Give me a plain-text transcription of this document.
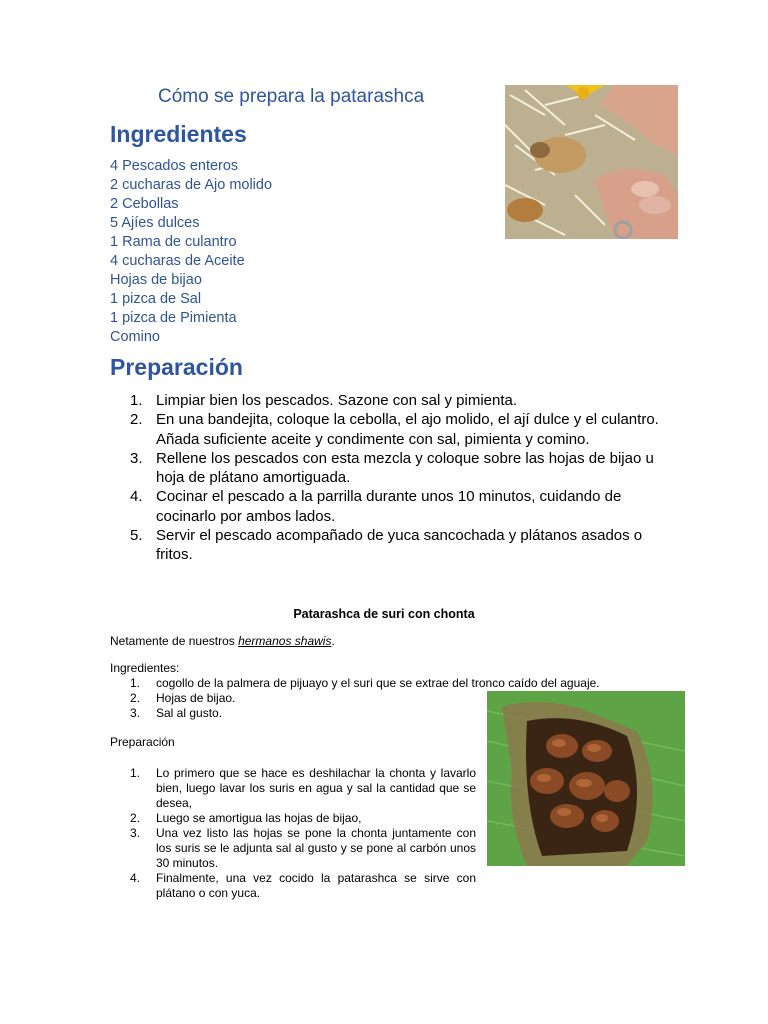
Cómo se prepara la patarashca
Ingredientes
4 Pescados enteros
2 cucharas de Ajo molido
2 Cebollas
5 Ajíes dulces
1 Rama de culantro
4 cucharas de Aceite
Hojas de bijao
1 pizca de Sal
1 pizca de Pimienta
Comino
Preparación
1. Limpiar bien los pescados. Sazone con sal y pimienta.
2. En una bandejita, coloque la cebolla, el ajo molido, el ají dulce y el culantro. Añada suficiente aceite y condimente con sal, pimienta y comino.
3. Rellene los pescados con esta mezcla y coloque sobre las hojas de bijao u hoja de plátano amortiguada.
4. Cocinar el pescado a la parrilla durante unos 10 minutos, cuidando de cocinarlo por ambos lados.
5. Servir el pescado acompañado de yuca sancochada y plátanos asados o fritos.
Patarashca de suri con chonta
Netamente de nuestros hermanos shawis.
Ingredientes:
1. cogollo de la palmera de pijuayo y el suri que se extrae del tronco caído del aguaje.
2. Hojas de bijao.
3. Sal al gusto.
Preparación
1. Lo primero que se hace es deshilachar la chonta y lavarlo bien, luego lavar los suris en agua y sal la cantidad que se desea,
2. Luego se amortigua las hojas de bijao,
3. Una vez listo las hojas se pone la chonta juntamente con los suris se le adjunta sal al gusto y se pone al carbón unos 30 minutos.
4. Finalmente, una vez cocido la patarashca se sirve con plátano o con yuca.
